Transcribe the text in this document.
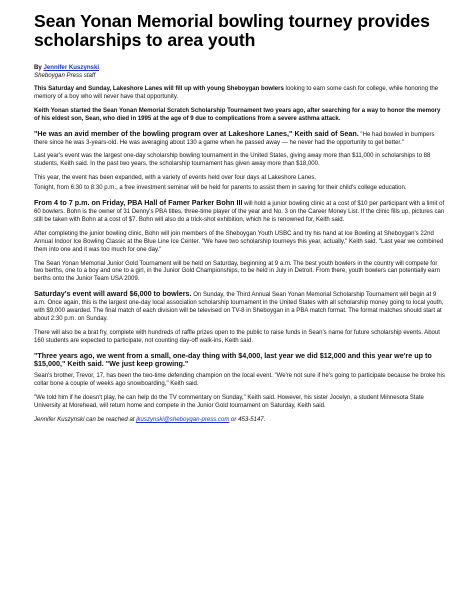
Sean Yonan Memorial bowling tourney provides scholarships to area youth
By Jennifer Kuszynski
Sheboygan Press staff

This Saturday and Sunday, Lakeshore Lanes will fill up with young Sheboygan bowlers looking to earn some cash for college, while honoring the memory of a boy who will never have that opportunity.

Keith Yonan started the Sean Yonan Memorial Scratch Scholarship Tournament two years ago, after searching for a way to honor the memory of his eldest son, Sean, who died in 1995 at the age of 9 due to complications from a severe asthma attack.

"He was an avid member of the bowling program over at Lakeshore Lanes," Keith said of Sean. "He had bowled in bumpers there since he was 3-years-old. He was averaging about 130 a game when he passed away — he never had the opportunity to get better."

Last year's event was the largest one-day scholarship bowling tournament in the United States, giving away more than $11,000 in scholarships to 88 students, Keith said. In the past two years, the scholarship tournament has given away more than $18,000.

This year, the event has been expanded, with a variety of events held over four days at Lakeshore Lanes.

Tonight, from 6:30 to 8:30 p.m., a free investment seminar will be held for parents to assist them in saving for their child's college education.

From 4 to 7 p.m. on Friday, PBA Hall of Famer Parker Bohn III will hold a junior bowling clinic at a cost of $10 per participant with a limit of 60 bowlers. Bohn is the owner of 31 Denny's PBA titles, three-time player of the year and No. 3 on the Career Money List. If the clinic fills up, pictures can still be taken with Bohn at a cost of $7. Bohn will also do a trick-shot exhibition, which he is renowned for, Keith said.

After completing the junior bowling clinic, Bohn will join members of the Sheboygan Youth USBC and try his hand at Ice Bowling at Sheboygan's 22nd Annual Indoor Ice Bowling Classic at the Blue Line Ice Center. "We have two scholarship tourneys this year, actually," Keith said. "Last year we combined them into one and it was too much for one day."

The Sean Yonan Memorial Junior Gold Tournament will be held on Saturday, beginning at 9 a.m. The best youth bowlers in the country will compete for two berths, one to a boy and one to a girl, in the Junior Gold Championships, to be held in July in Detroit. From there, youth bowlers can potentially earn berths onto the Junior Team USA 2009.

Saturday's event will award $6,000 to bowlers. On Sunday, the Third Annual Sean Yonan Memorial Scholarship Tournament will begin at 9 a.m. Once again, this is the largest one-day local association scholarship tournament in the United States with all scholarship money going to local youth, with $9,000 awarded. The final match of each division will be televised on TV-8 in Sheboygan in a PBA match format. The format matches should start at about 2:30 p.m. on Sunday.

There will also be a brat fry, complete with hundreds of raffle prizes open to the public to raise funds in Sean's name for future scholarship events. About 160 students are expected to participate, not counting day-off walk-ins, Keith said.

"Three years ago, we went from a small, one-day thing with $4,000, last year we did $12,000 and this year we're up to $15,000," Keith said. "We just keep growing."

Sean's brother, Trevor, 17, has been the two-time defending champion on the local event. "We're not sure if he's going to participate because he broke his collar bone a couple of weeks ago snowboarding," Keith said.

"We told him if he doesn't play, he can help do the TV commentary on Sunday," Keith said. However, his sister Jocelyn, a student Minnesota State University at Morehead, will return home and compete in the Junior Gold tournament on Saturday, Keith said.

Jennifer Kuszynski can be reached at jkuszynski@sheboygan-press.com or 453-5147.
